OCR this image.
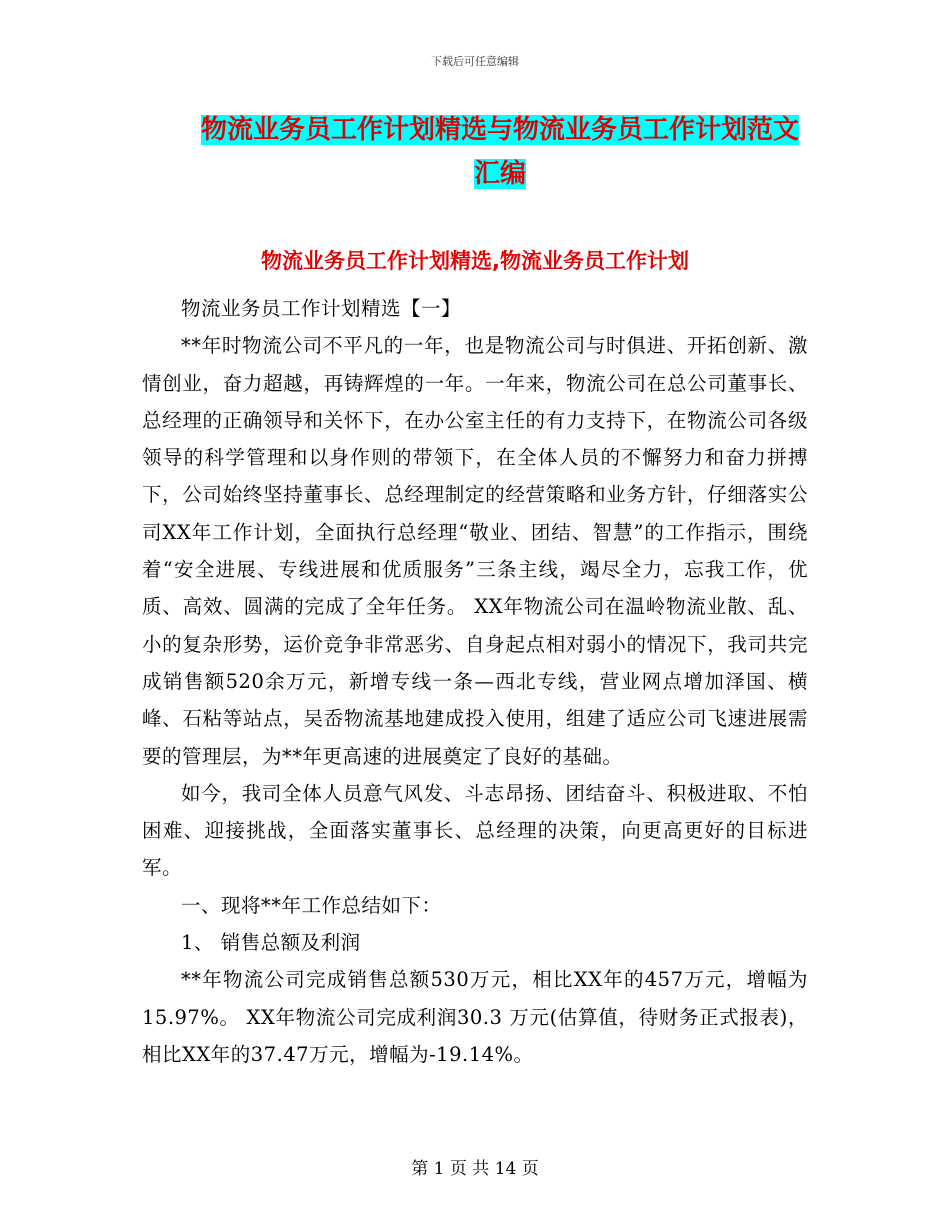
下载后可任意编辑
物流业务员工作计划精选与物流业务员工作计划范文
汇编
物流业务员工作计划精选,物流业务员工作计划

物流业务员工作计划精选【一】

**年时物流公司不平凡的一年，也是物流公司与时俱进、开拓创新、激情创业，奋力超越，再铸辉煌的一年。一年来，物流公司在总公司董事长、总经理的正确领导和关怀下，在办公室主任的有力支持下，在物流公司各级领导的科学管理和以身作则的带领下，在全体人员的不懈努力和奋力拼搏下，公司始终坚持董事长、总经理制定的经营策略和业务方针，仔细落实公司XX年工作计划，全面执行总经理“敬业、团结、智慧”的工作指示，围绕着“安全进展、专线进展和优质服务”三条主线，竭尽全力，忘我工作，优质、高效、圆满的完成了全年任务。 XX年物流公司在温岭物流业散、乱、小的复杂形势，运价竞争非常恶劣、自身起点相对弱小的情况下，我司共完成销售额520余万元，新增专线一条—西北专线，营业网点增加泽国、横峰、石粘等站点，吴岙物流基地建成投入使用，组建了适应公司飞速进展需要的管理层，为**年更高速的进展奠定了良好的基础。

如今，我司全体人员意气风发、斗志昂扬、团结奋斗、积极进取、不怕困难、迎接挑战，全面落实董事长、总经理的决策，向更高更好的目标进军。

一、现将**年工作总结如下：

1、 销售总额及利润

**年物流公司完成销售总额530万元，相比XX年的457万元，增幅为15.97%。 XX年物流公司完成利润30.3 万元(估算值，待财务正式报表)，相比XX年的37.47万元，增幅为-19.14%。

第 1 页 共 14 页
